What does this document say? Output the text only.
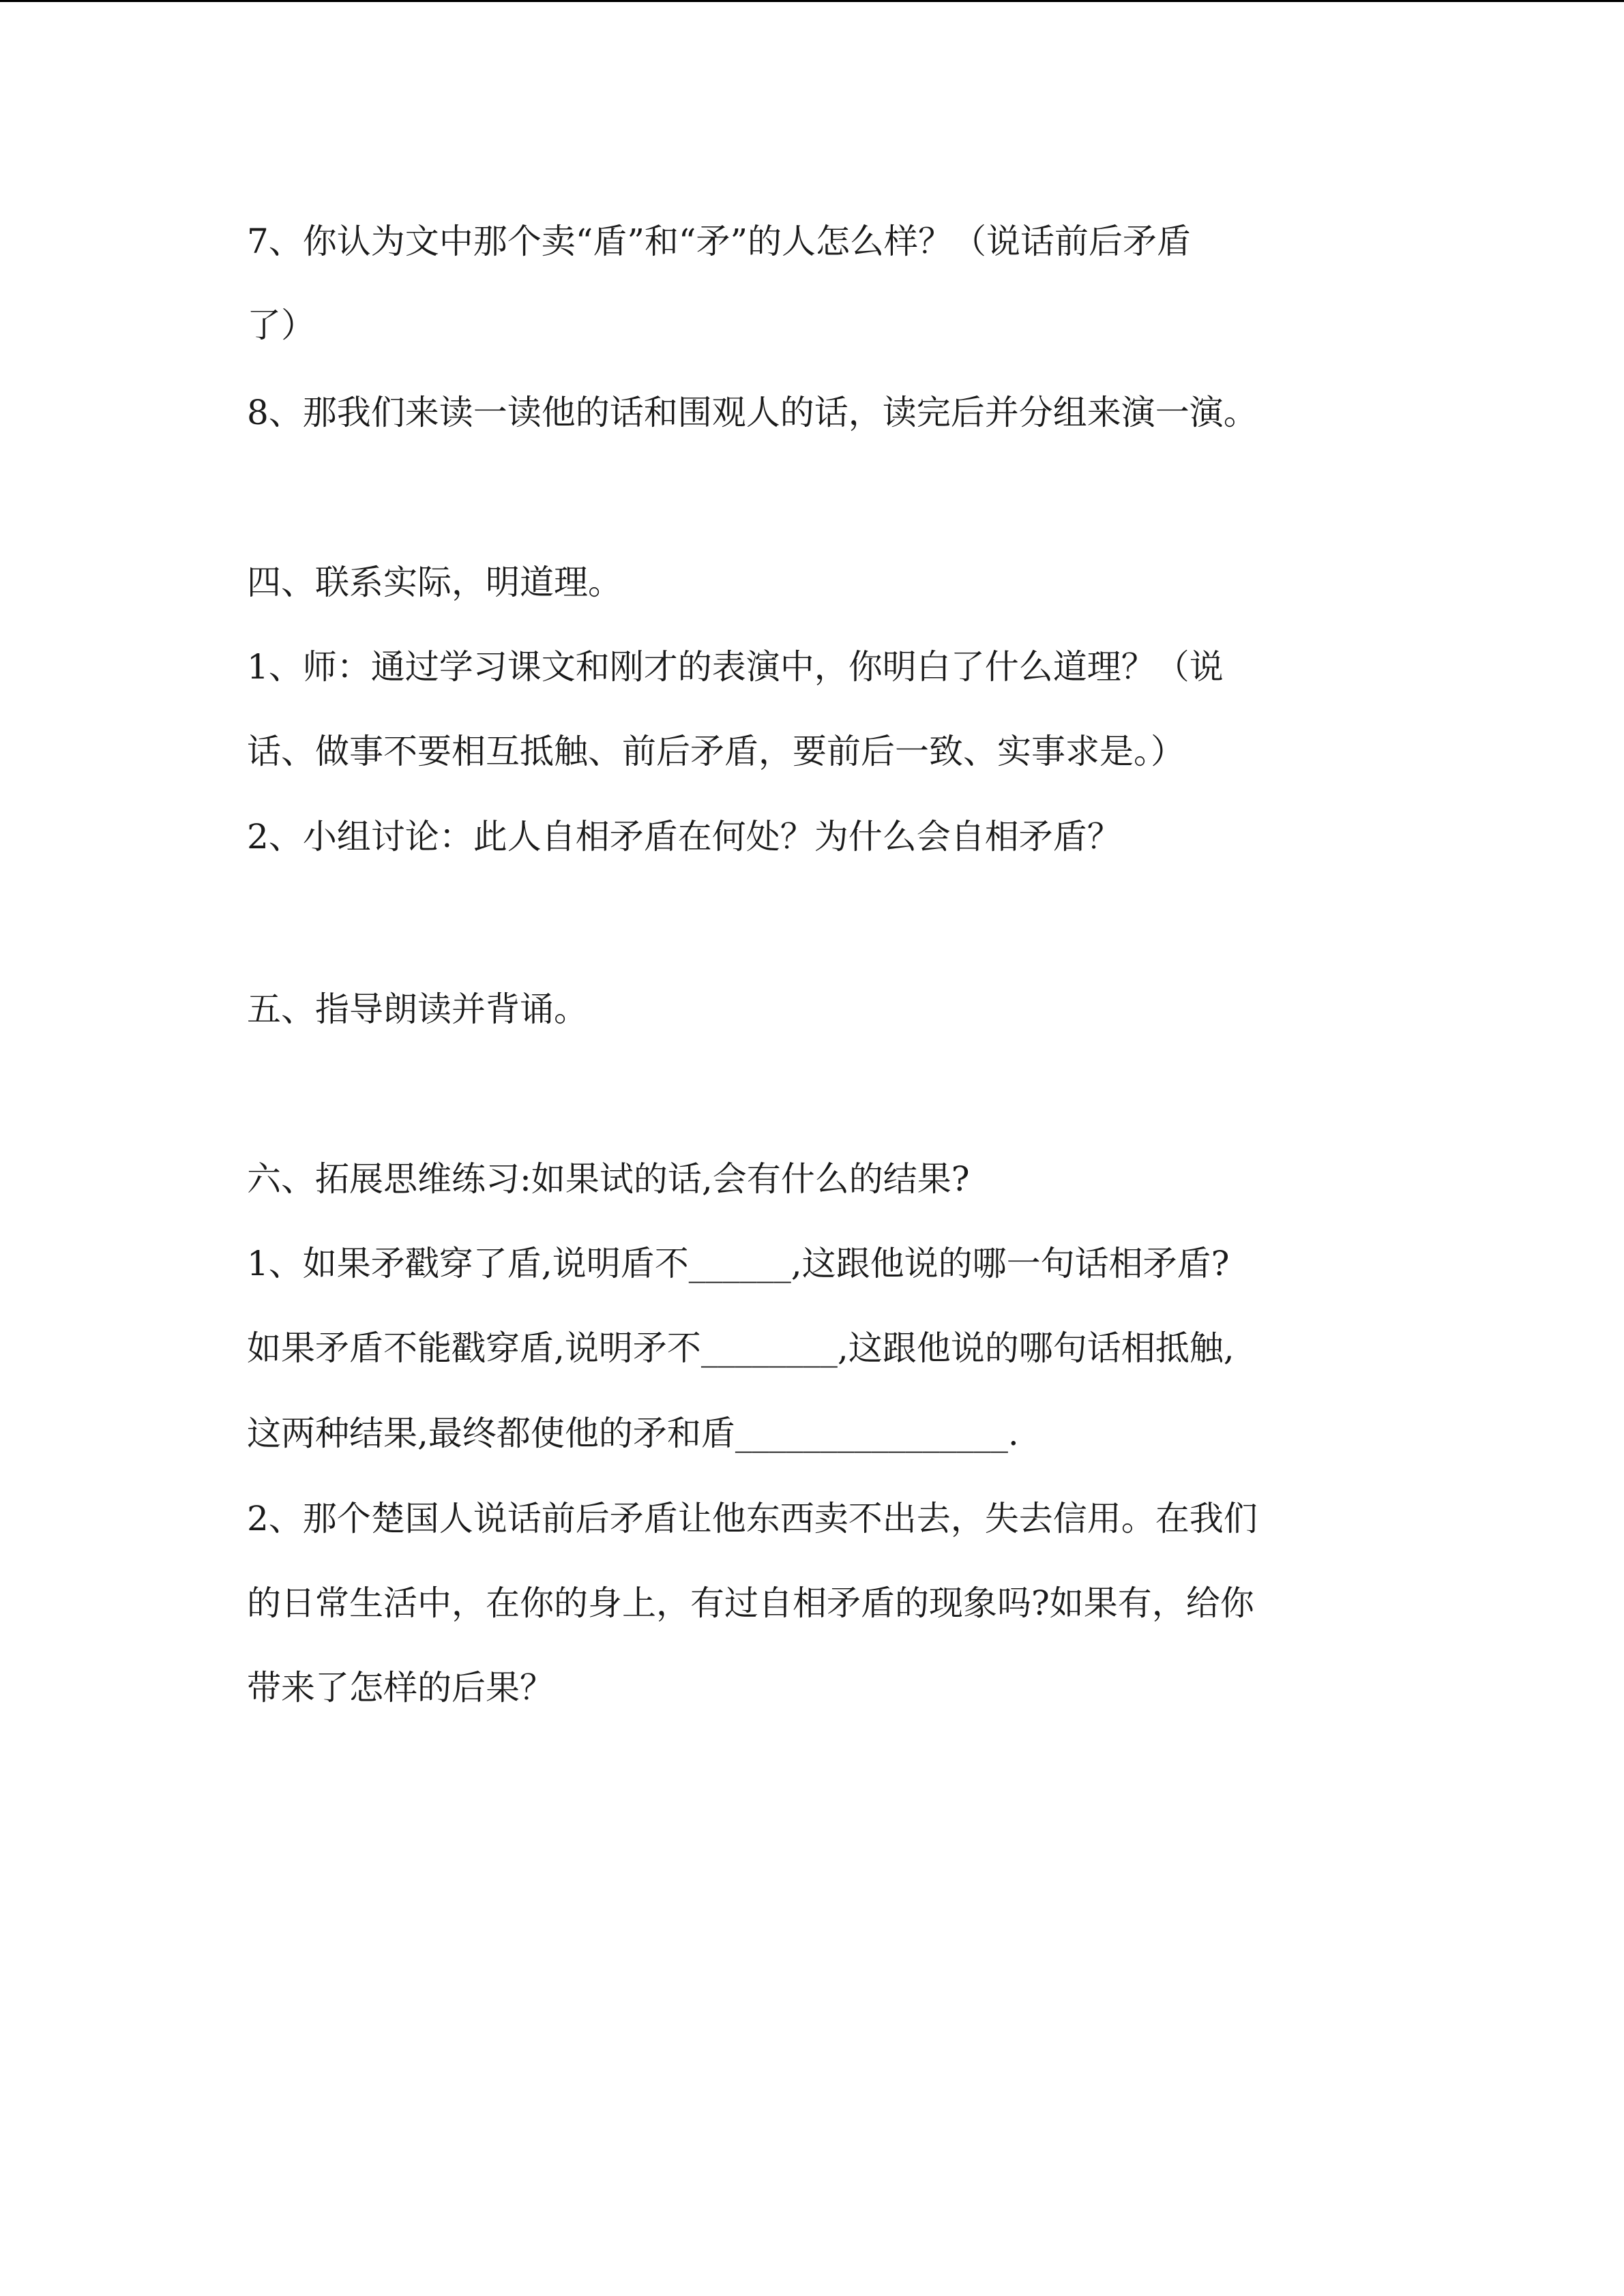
7、你认为文中那个卖“盾”和“矛”的人怎么样？（说话前后矛盾
了）
8、那我们来读一读他的话和围观人的话，读完后并分组来演一演。
四、联系实际，明道理。
1、师：通过学习课文和刚才的表演中，你明白了什么道理？（说
话、做事不要相互抵触、前后矛盾，要前后一致、实事求是。）
2、小组讨论：此人自相矛盾在何处？为什么会自相矛盾？
五、指导朗读并背诵。
六、拓展思维练习:如果试的话,会有什么的结果?
1、如果矛戳穿了盾,说明盾不______,这跟他说的哪一句话相矛盾?
如果矛盾不能戳穿盾,说明矛不________,这跟他说的哪句话相抵触,
这两种结果,最终都使他的矛和盾________________.
2、那个楚国人说话前后矛盾让他东西卖不出去，失去信用。在我们
的日常生活中，在你的身上，有过自相矛盾的现象吗?如果有，给你
带来了怎样的后果？
